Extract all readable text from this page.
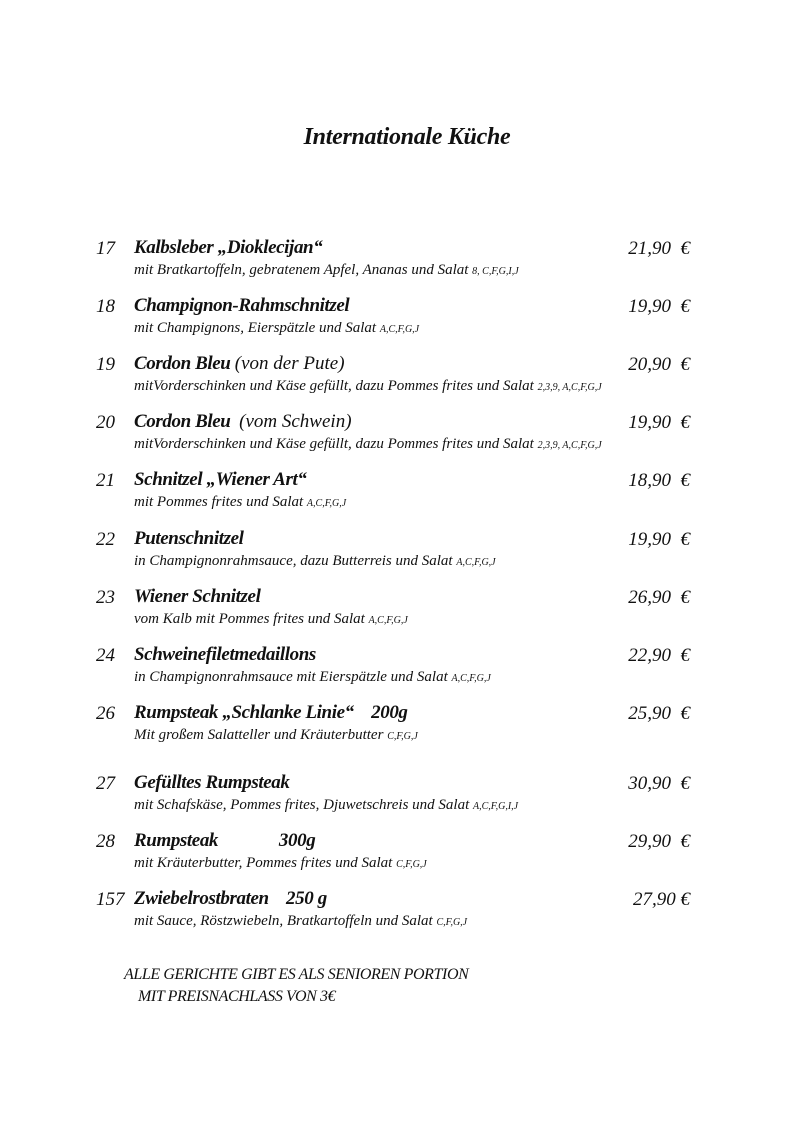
Internationale Küche
17	Kalbsleber „Dioklecijan“	21,90  €
mit Bratkartoffeln, gebratenem Apfel, Ananas und Salat 8, C,F,G,I,J
18	Champignon-Rahmschnitzel	19,90  €
mit Champignons, Eierspätzle und Salat A,C,F,G,J
19	Cordon Bleu (von der Pute)	20,90  €
mitVorderschinken und Käse gefüllt, dazu Pommes frites und Salat 2,3,9, A,C,F,G,J
20	Cordon Bleu  (vom Schwein)	19,90  €
mitVorderschinken und Käse gefüllt, dazu Pommes frites und Salat 2,3,9, A,C,F,G,J
21	Schnitzel „Wiener Art“	18,90  €
mit Pommes frites und Salat A,C,F,G,J
22	Putenschnitzel	19,90  €
in Champignonrahmsauce, dazu Butterreis und Salat A,C,F,G,J
23	Wiener Schnitzel	26,90  €
vom Kalb mit Pommes frites und Salat A,C,F,G,J
24	Schweinefiletmedaillons	22,90  €
in Champignonrahmsauce mit Eierspätzle und Salat A,C,F,G,J
26	Rumpsteak „Schlanke Linie“    200g	25,90  €
Mit großem Salatteller und Kräuterbutter C,F,G,J
27	Gefülltes Rumpsteak	30,90  €
mit Schafskäse, Pommes frites, Djuwetschreis und Salat A,C,F,G,I,J
28	Rumpsteak              300g	29,90  €
mit Kräuterbutter, Pommes frites und Salat C,F,G,J
157 Zwiebelrostbraten    250 g	27,90 €
mit Sauce, Röstzwiebeln, Bratkartoffeln und Salat C,F,G,J
ALLE GERICHTE GIBT ES ALS SENIOREN PORTION
MIT PREISNACHLASS VON 3€
